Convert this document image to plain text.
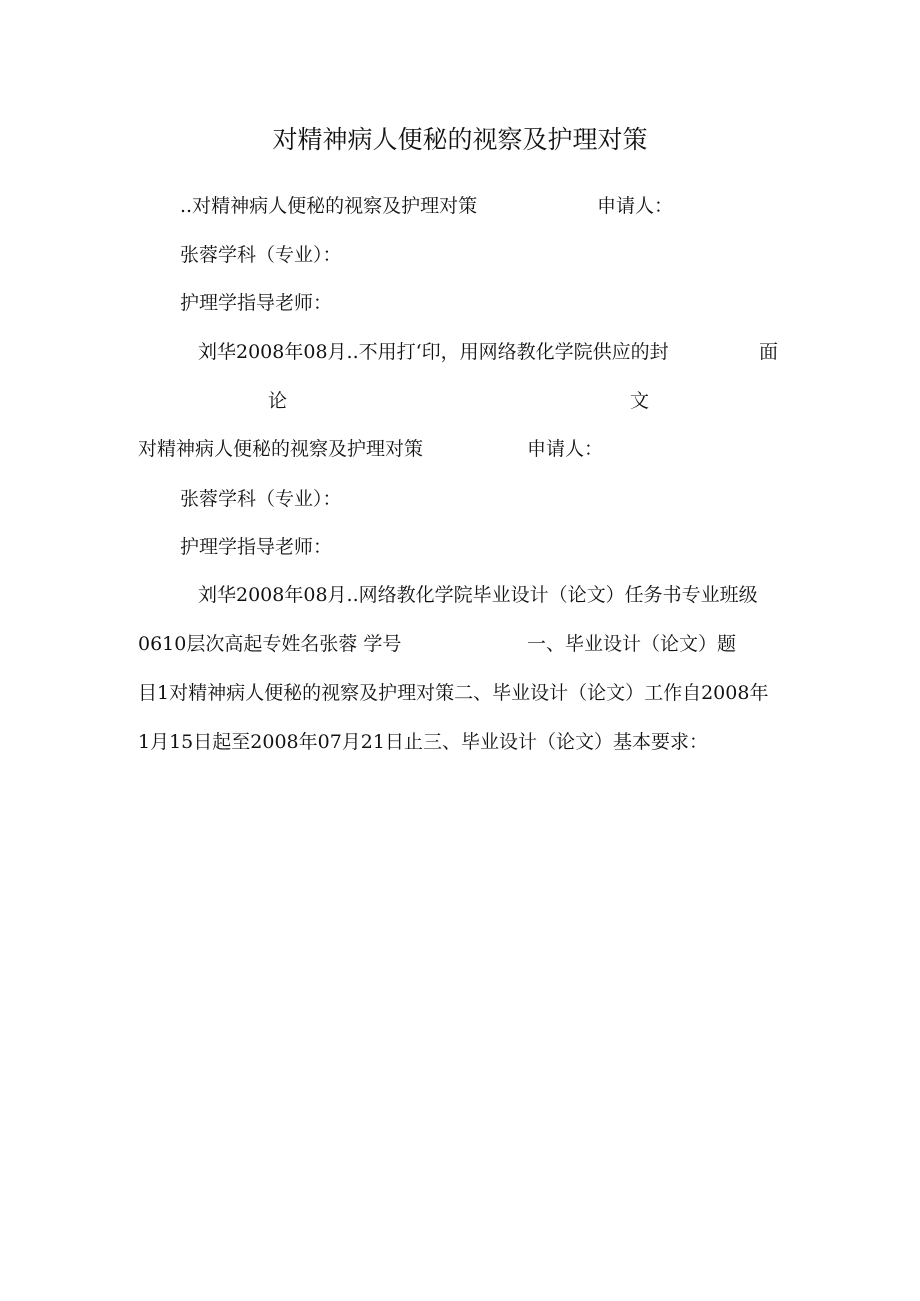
对精神病人便秘的视察及护理对策
..对精神病人便秘的视察及护理对策	申请人：
张蓉学科（专业）：
护理学指导老师：
刘华2008年08月..不用打‘印，用网络教化学院供应的封	面
论	文
对精神病人便秘的视察及护理对策	申请人：
张蓉学科（专业）：
护理学指导老师：
刘华2008年08月..网络教化学院毕业设计（论文）任务书专业班级
0610层次高起专姓名张蓉 学号	一、毕业设计（论文）题
目1对精神病人便秘的视察及护理对策二、毕业设计（论文）工作自2008年
1月15日起至2008年07月21日止三、毕业设计（论文）基本要求：
